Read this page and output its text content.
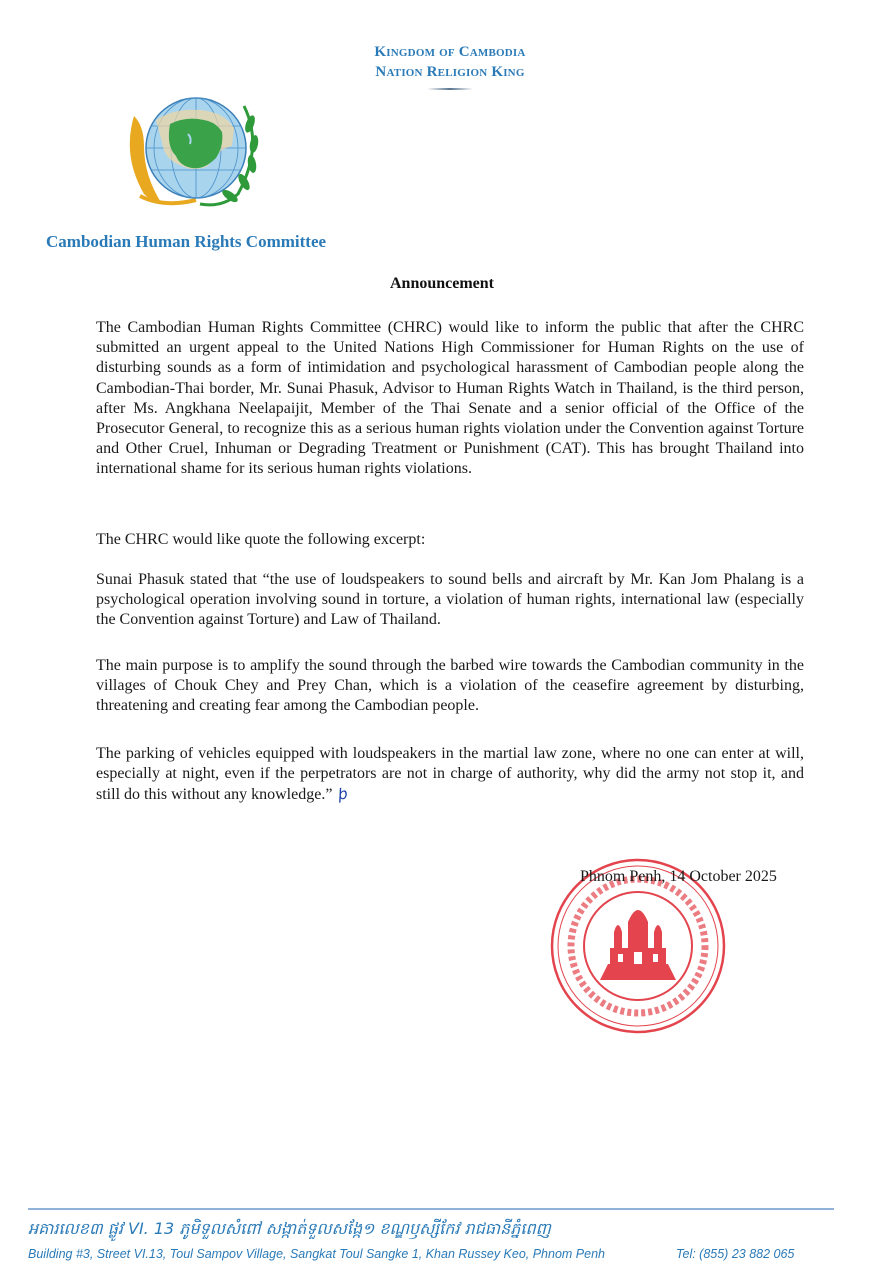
Kingdom of Cambodia
Nation Religion King
Cambodian Human Rights Committee
Announcement
The Cambodian Human Rights Committee (CHRC) would like to inform the public that after the CHRC submitted an urgent appeal to the United Nations High Commissioner for Human Rights on the use of disturbing sounds as a form of intimidation and psychological harassment of Cambodian people along the Cambodian-Thai border, Mr. Sunai Phasuk, Advisor to Human Rights Watch in Thailand, is the third person, after Ms. Angkhana Neelapaijit, Member of the Thai Senate and a senior official of the Office of the Prosecutor General, to recognize this as a serious human rights violation under the Convention against Torture and Other Cruel, Inhuman or Degrading Treatment or Punishment (CAT). This has brought Thailand into international shame for its serious human rights violations.
The CHRC would like quote the following excerpt:
Sunai Phasuk stated that “the use of loudspeakers to sound bells and aircraft by Mr. Kan Jom Phalang is a psychological operation involving sound in torture, a violation of human rights, international law (especially the Convention against Torture) and Law of Thailand.
The main purpose is to amplify the sound through the barbed wire towards the Cambodian community in the villages of Chouk Chey and Prey Chan, which is a violation of the ceasefire agreement by disturbing, threatening and creating fear among the Cambodian people.
The parking of vehicles equipped with loudspeakers in the martial law zone, where no one can enter at will, especially at night, even if the perpetrators are not in charge of authority, why did the army not stop it, and still do this without any knowledge.” ϸ
Phnom Penh, 14 October 2025
អគារលេខ៣ ផ្លូវ VI. 13 ភូមិទួលសំពៅ សង្កាត់ទួលសង្កែ១ ខណ្ឌឫស្សីកែវ រាជធានីភ្នំពេញ
Building #3, Street VI.13, Toul Sampov Village, Sangkat Toul Sangke 1, Khan Russey Keo, Phnom Penh	Tel: (855) 23 882 065
